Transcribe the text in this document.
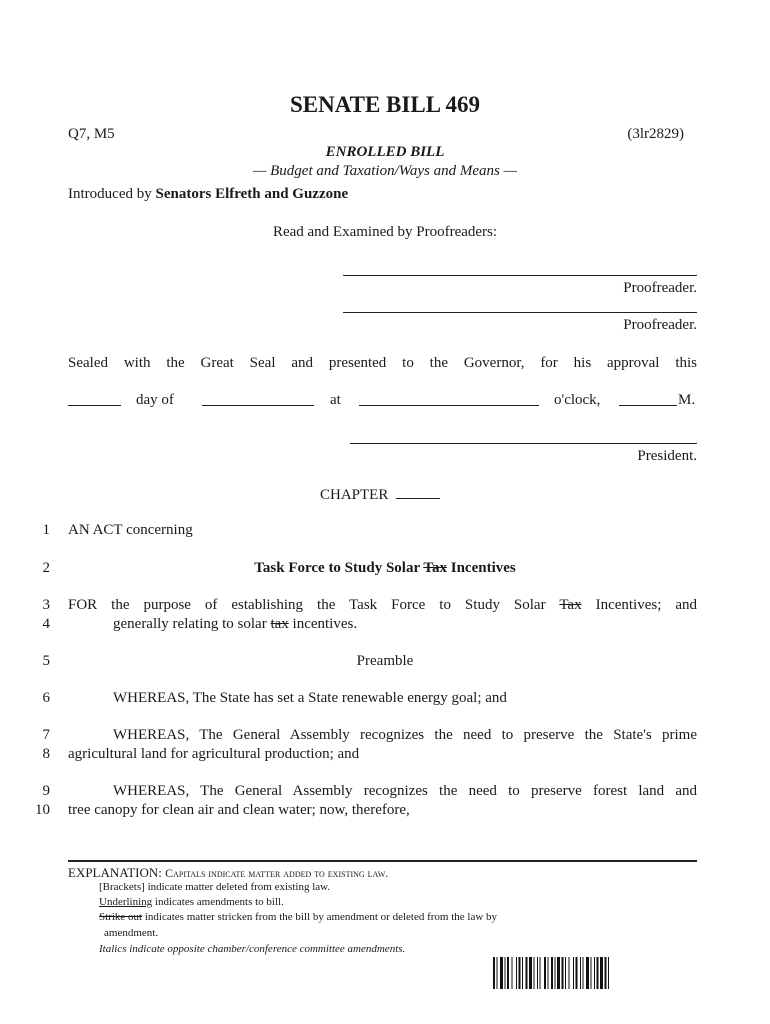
SENATE BILL 469
Q7, M5	(3lr2829)
ENROLLED BILL
— Budget and Taxation/Ways and Means —
Introduced by Senators Elfreth and Guzzone
Read and Examined by Proofreaders:
Proofreader.
Proofreader.
Sealed with the Great Seal and presented to the Governor, for his approval this
day of	at	o'clock,	M.
President.
CHAPTER
1
2
3
4
5
6
7
8
9
10
AN ACT concerning
Task Force to Study Solar Tax Incentives
FOR the purpose of establishing the Task Force to Study Solar Tax Incentives; and
generally relating to solar tax incentives.
Preamble
WHEREAS, The State has set a State renewable energy goal; and
WHEREAS, The General Assembly recognizes the need to preserve the State's prime
agricultural land for agricultural production; and
WHEREAS, The General Assembly recognizes the need to preserve forest land and
tree canopy for clean air and clean water; now, therefore,
EXPLANATION: Capitals indicate matter added to existing law.
[Brackets] indicate matter deleted from existing law.
Underlining indicates amendments to bill.
Strike out indicates matter stricken from the bill by amendment or deleted from the law by
amendment.
Italics indicate opposite chamber/conference committee amendments.
